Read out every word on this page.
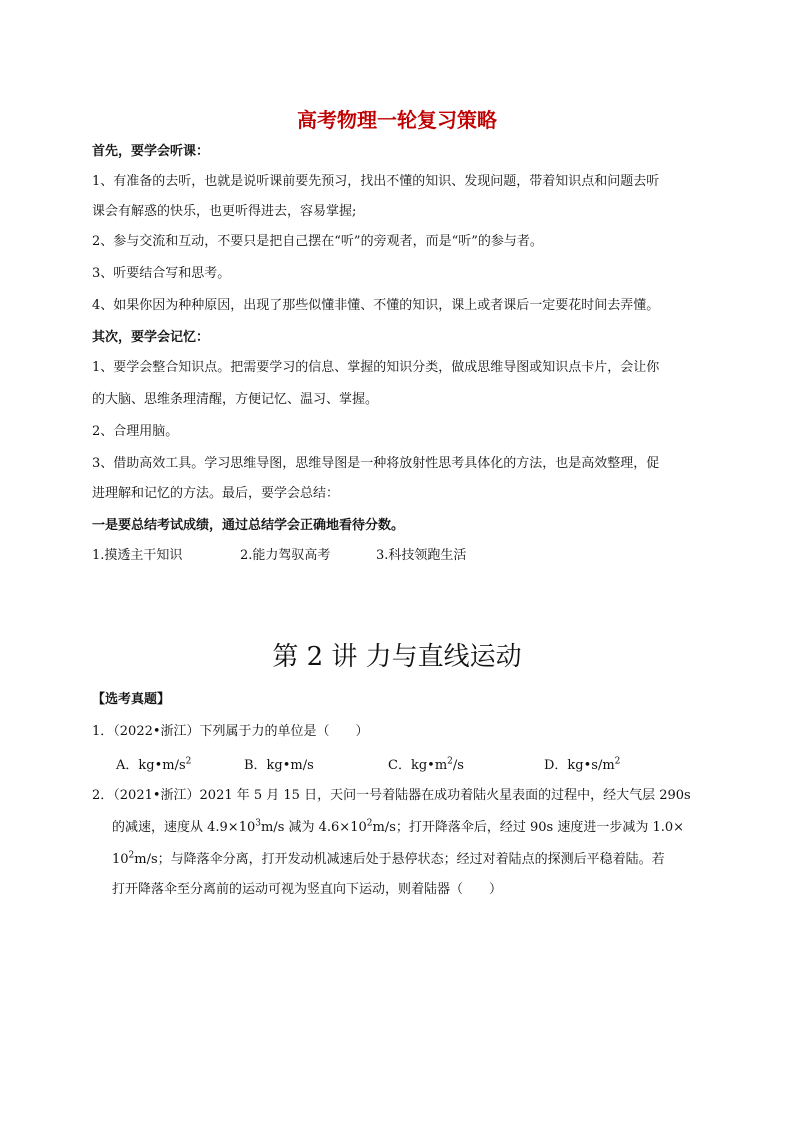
高考物理一轮复习策略
首先，要学会听课：
1、有准备的去听，也就是说听课前要先预习，找出不懂的知识、发现问题，带着知识点和问题去听
课会有解惑的快乐，也更听得进去，容易掌握;
2、参与交流和互动，不要只是把自己摆在“听”的旁观者，而是“听”的参与者。
3、听要结合写和思考。
4、如果你因为种种原因，出现了那些似懂非懂、不懂的知识，课上或者课后一定要花时间去弄懂。
其次，要学会记忆：
1、要学会整合知识点。把需要学习的信息、掌握的知识分类，做成思维导图或知识点卡片，会让你
的大脑、思维条理清醒，方便记忆、温习、掌握。
2、合理用脑。
3、借助高效工具。学习思维导图，思维导图是一种将放射性思考具体化的方法，也是高效整理，促
进理解和记忆的方法。最后，要学会总结：
一是要总结考试成绩，通过总结学会正确地看待分数。
1.摸透主干知识	2.能力驾驭高考	3.科技领跑生活
第 2 讲 力与直线运动
【选考真题】
1．（2022•浙江）下列属于力的单位是（　　）
A．$kg•m/s^2$	B．kg•m/s	C．$kg•m^2/s$	D．$kg•s/m^2$
2．（2021•浙江）2021 年 5 月 15 日，天问一号着陆器在成功着陆火星表面的过程中，经大气层 290s
的减速，速度从 $4.9\times 10^3m/s$ 减为 $4.6\times 10^2m/s$；打开降落伞后，经过 90s 速度进一步减为 1.0×
$10^2m/s$；与降落伞分离，打开发动机减速后处于悬停状态；经过对着陆点的探测后平稳着陆。若
打开降落伞至分离前的运动可视为竖直向下运动，则着陆器（　　）
